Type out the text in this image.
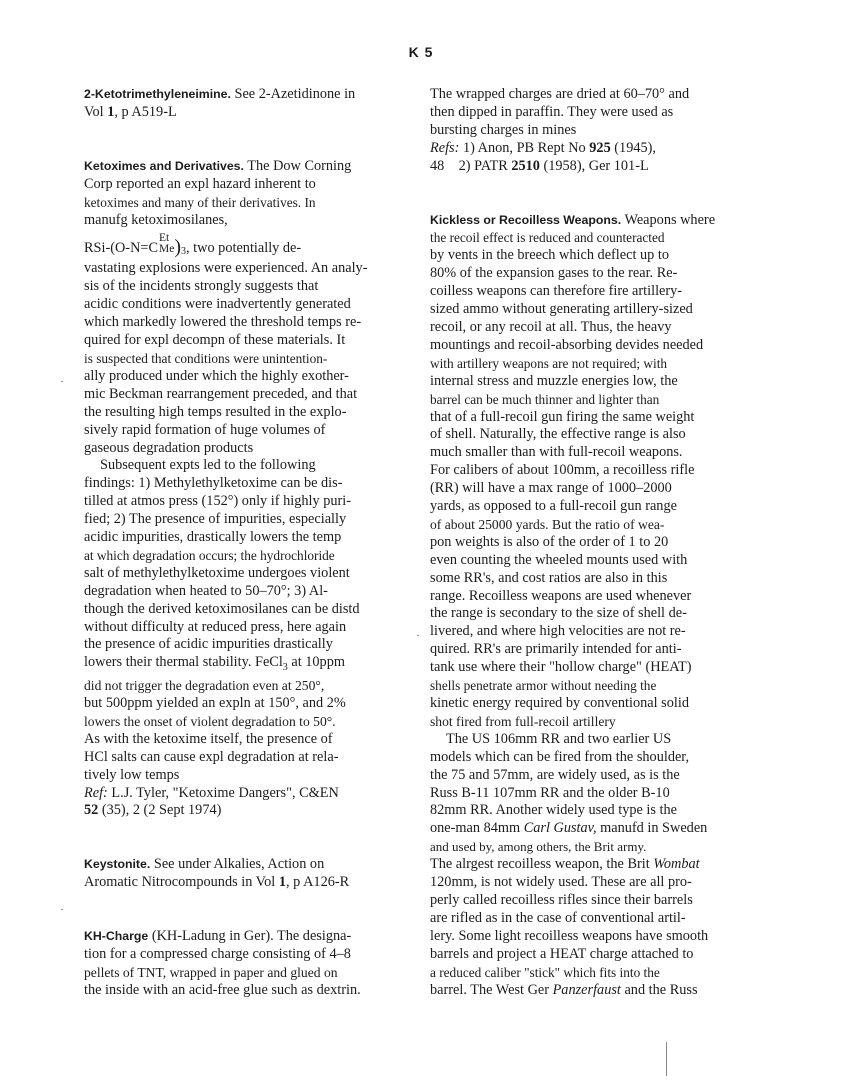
K 5
2-Ketotrimethyleneimine. See 2-Azetidinone in
Vol 1, p A519-L
Ketoximes and Derivatives. The Dow Corning
Corp reported an expl hazard inherent to
ketoximes and many of their derivatives. In
manufg ketoximosilanes,
RSi-(O-N=C
Et
Me )$_3$, two potentially de-
vastating explosions were experienced. An analy-
sis of the incidents strongly suggests that
acidic conditions were inadvertently generated
which markedly lowered the threshold temps re-
quired for expl decompn of these materials. It
is suspected that conditions were unintention-
ally produced under which the highly exother-
mic Beckman rearrangement preceded, and that
the resulting high temps resulted in the explo-
sively rapid formation of huge volumes of
gaseous degradation products
Subsequent expts led to the following
findings: 1) Methylethylketoxime can be dis-
tilled at atmos press (152°) only if highly puri-
fied; 2) The presence of impurities, especially
acidic impurities, drastically lowers the temp
at which degradation occurs; the hydrochloride
salt of methylethylketoxime undergoes violent
degradation when heated to 50–70°; 3) Al-
though the derived ketoximosilanes can be distd
without difficulty at reduced press, here again
the presence of acidic impurities drastically
lowers their thermal stability. FeCl$_3$ at 10ppm
did not trigger the degradation even at 250°,
but 500ppm yielded an expln at 150°, and 2%
lowers the onset of violent degradation to 50°.
As with the ketoxime itself, the presence of
HCl salts can cause expl degradation at rela-
tively low temps
Ref: L.J. Tyler, "Ketoxime Dangers", C&EN
52 (35), 2 (2 Sept 1974)
Keystonite. See under Alkalies, Action on
Aromatic Nitrocompounds in Vol 1, p A126-R
KH-Charge (KH-Ladung in Ger). The designa-
tion for a compressed charge consisting of 4–8
pellets of TNT, wrapped in paper and glued on
the inside with an acid-free glue such as dextrin.
The wrapped charges are dried at 60–70° and
then dipped in paraffin. They were used as
bursting charges in mines
Refs: 1) Anon, PB Rept No 925 (1945),
48    2) PATR 2510 (1958), Ger 101-L
Kickless or Recoilless Weapons. Weapons where
the recoil effect is reduced and counteracted
by vents in the breech which deflect up to
80% of the expansion gases to the rear. Re-
coilless weapons can therefore fire artillery-
sized ammo without generating artillery-sized
recoil, or any recoil at all. Thus, the heavy
mountings and recoil-absorbing devides needed
with artillery weapons are not required; with
internal stress and muzzle energies low, the
barrel can be much thinner and lighter than
that of a full-recoil gun firing the same weight
of shell. Naturally, the effective range is also
much smaller than with full-recoil weapons.
For calibers of about 100mm, a recoilless rifle
(RR) will have a max range of 1000–2000
yards, as opposed to a full-recoil gun range
of about 25000 yards. But the ratio of wea-
pon weights is also of the order of 1 to 20
even counting the wheeled mounts used with
some RR's, and cost ratios are also in this
range. Recoilless weapons are used whenever
the range is secondary to the size of shell de-
livered, and where high velocities are not re-
quired. RR's are primarily intended for anti-
tank use where their "hollow charge" (HEAT)
shells penetrate armor without needing the
kinetic energy required by conventional solid
shot fired from full-recoil artillery
The US 106mm RR and two earlier US
models which can be fired from the shoulder,
the 75 and 57mm, are widely used, as is the
Russ B-11 107mm RR and the older B-10
82mm RR. Another widely used type is the
one-man 84mm Carl Gustav, manufd in Sweden
and used by, among others, the Brit army.
The alrgest recoilless weapon, the Brit Wombat
120mm, is not widely used. These are all pro-
perly called recoilless rifles since their barrels
are rifled as in the case of conventional artil-
lery. Some light recoilless weapons have smooth
barrels and project a HEAT charge attached to
a reduced caliber "stick" which fits into the
barrel. The West Ger Panzerfaust and the Russ
·
·
·
